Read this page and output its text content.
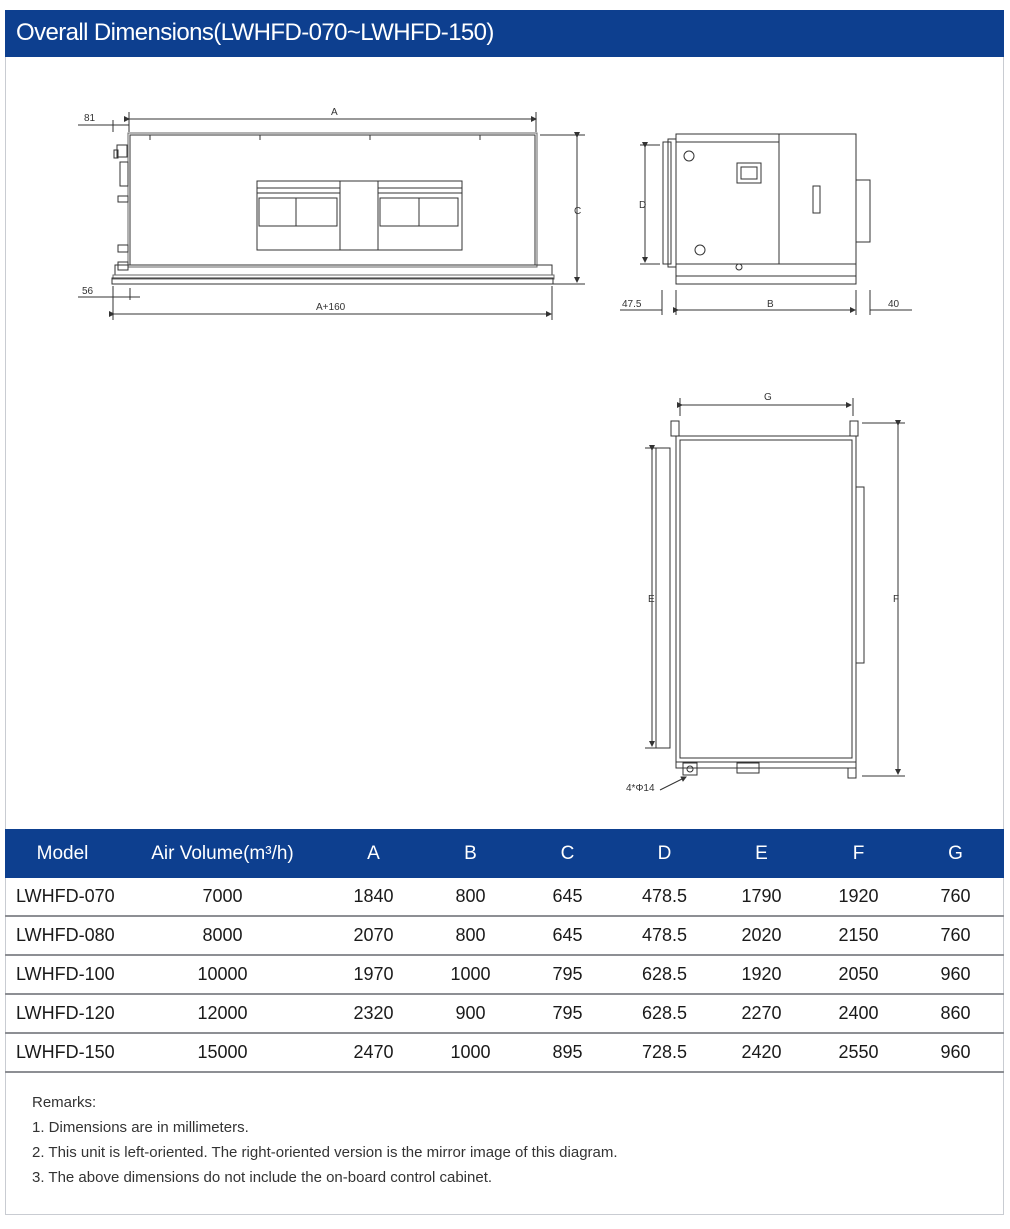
Overall Dimensions(LWHFD-070~LWHFD-150)
A
81
C
56
A+160
D
47.5	B	40
G
E	F
4*Φ14
Model	Air Volume(m³/h)	A	B	C	D	E	F	G
LWHFD-070	7000	1840	800	645	478.5	1790	1920	760
LWHFD-080	8000	2070	800	645	478.5	2020	2150	760
LWHFD-100	10000	1970	1000	795	628.5	1920	2050	960
LWHFD-120	12000	2320	900	795	628.5	2270	2400	860
LWHFD-150	15000	2470	1000	895	728.5	2420	2550	960
Remarks:
1. Dimensions are in millimeters.
2. This unit is left-oriented. The right-oriented version is the mirror image of this diagram.
3. The above dimensions do not include the on-board control cabinet.
